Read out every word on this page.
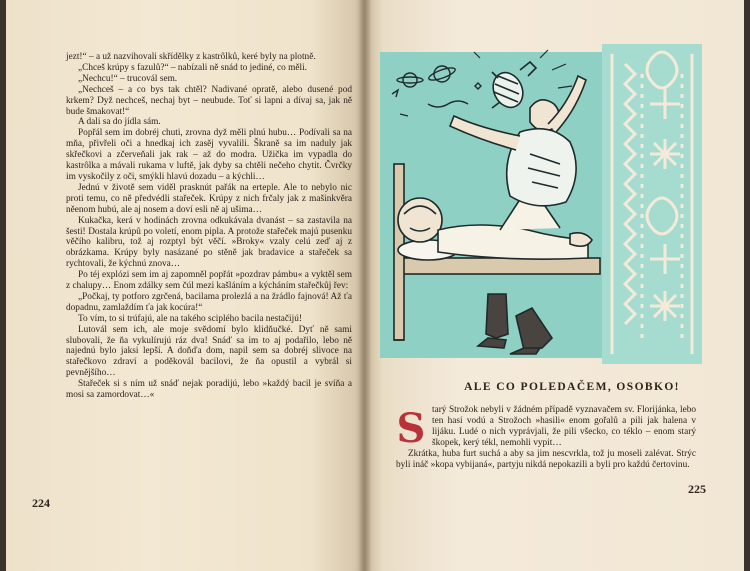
jezt!“ – a už nazvihovali skřídělky z kastrôlků, keré byly na plotně.

„Chceš krúpy s fazulů?“ – nabízali ně snád to jediné, co měli.

„Nechcu!“ – trucovál sem.

„Nechceš – a co bys tak chtěl? Nadivané opratě, alebo dusené pod krkem? Dyž nechceš, nechaj byt – neubude. Toť si lapni a dívaj sa, jak ně bude šmakovat!“

A dali sa do jídla sám.

Popřál sem im dobréj chuti, zrovna dyž měli plnú hubu… Podívali sa na mňa, přivřeli oči a hnedkaj ich zasěj vyvalili. Škraně sa im naduly jak skřečkovi a zčerveňali jak rak – až do modra. Užička im vypadla do kastrôlka a mávali rukama v luftě, jak dyby sa chtěli nečeho chytit. Čvrčky im vyskočily z oči, smýkli hlavú dozadu – a kýchli…

Jednú v životě sem viděl prasknút pařák na erteple. Ale to nebylo nic proti temu, co ně předvédli stařeček. Krúpy z nich frčaly jak z mašinkvěra něenom hubú, ale aj nosem a doví esli ně aj ušima…

Kukačka, kerá v hodinách zrovna odkukávala dvanást – sa zastavila na šesti! Dostala krúpů po voletí, enom pipla. A protože stařeček majú pusenku věčího kalibru, tož aj rozptyl být věčí. »Broky« vzaly celú zeď aj z obrázkama. Krúpy byly nasázané po stěně jak bradavice a stařeček sa rychtovali, že kýchnú znova…

Po téj explózi sem im aj zapomněl popřát »pozdrav pámbu« a vyktěl sem z chalupy… Enom zdálky sem čúl mezi kašláním a kýcháním stařečkůj řev:

„Počkaj, ty potforo zgrčená, bacilama prolezlá a na žrádlo fajnová! Až ťa dopadnu, zamlaždím ťa jak kocúra!“

To vím, to si trúfajú, ale na takého sciplého bacila nestačijú!

Lutovál sem ich, ale moje svědomí bylo klidňučké. Dyť ně sami slubovali, že ňa vykulírujú ráz dva! Snáď sa im to aj podařilo, lebo ně najednú bylo jaksi lepší. A doňďa dom, napil sem sa dobréj slivoce na stařečkovo zdraví a poděkovál bacilovi, že ňa opustil a vybrál si pevnějšího…

Stařeček si s ním už snáď nejak poradijú, lebo »každý bacil je svíňa a mosi sa zamordovat…«

224
ALE CO POLEDAČEM, OSOBKO!
S tarý Strožok nebyli v žádném případě vyznavačem sv. Florijánka, lebo ten hasí vodú a Strožoch »hasili« enom gořalů a pili jak halena v lijáku. Ludé o nich vyprávjali, že pili všecko, co téklo – enom starý škopek, kerý tékl, nemohli vypit…

Zkrátka, huba furt suchá a aby sa jim nescvrkla, tož ju moseli zalévat. Strýc byli ináč »kopa vybijaná«, partyju nikdá nepokazili a byli pro každú čertovinu.

225
